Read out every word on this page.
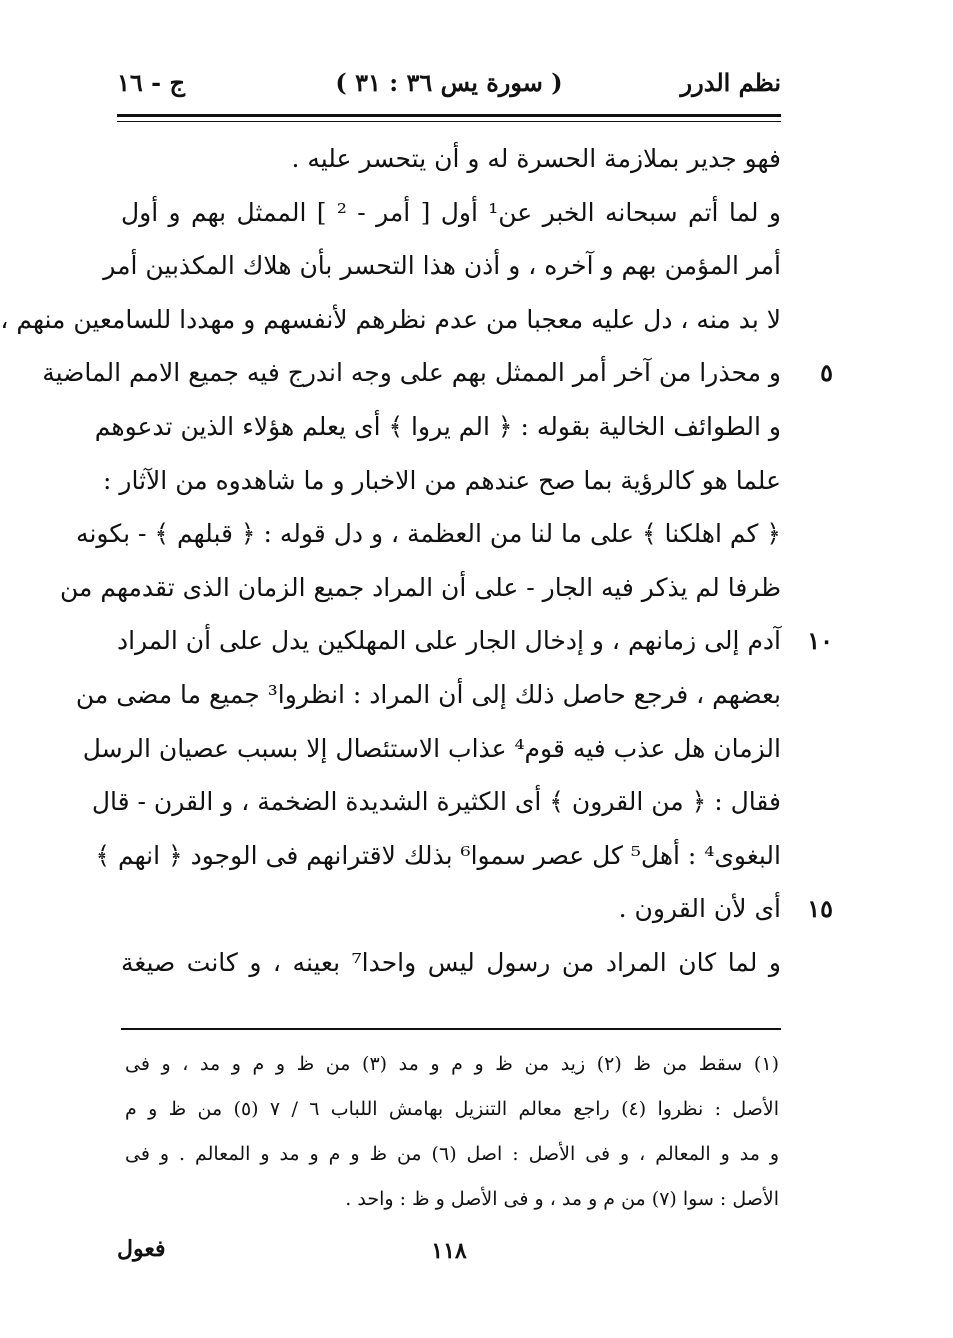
نظم الدرر
( سورة يس ٣٦ : ٣١ )
ج - ١٦
فهو جدير بملازمة الحسرة له و أن يتحسر عليه .
و لما أتم سبحانه الخبر عن¹ أول [ أمر - ² ] الممثل بهم و أول
أمر المؤمن بهم و آخره ، و أذن هذا التحسر بأن هلاك المكذبين أمر
لا بد منه ، دل عليه معجبا من عدم نظرهم لأنفسهم و مهددا للسامعين منهم ،
و محذرا من آخر أمر الممثل بهم على وجه اندرج فيه جميع الامم الماضية	٥
و الطوائف الخالية بقوله : ﴿ الم يروا ﴾ أى يعلم هؤلاء الذين تدعوهم
علما هو كالرؤية بما صح عندهم من الاخبار و ما شاهدوه من الآثار :
﴿ كم اهلكنا ﴾ على ما لنا من العظمة ، و دل قوله : ﴿ قبلهم ﴾ - بكونه
ظرفا لم يذكر فيه الجار - على أن المراد جميع الزمان الذى تقدمهم من
آدم إلى زمانهم ، و إدخال الجار على المهلكين يدل على أن المراد	١٠
بعضهم ، فرجع حاصل ذلك إلى أن المراد : انظروا³ جميع ما مضى من
الزمان هل عذب فيه قوم⁴ عذاب الاستئصال إلا بسبب عصيان الرسل
فقال : ﴿ من القرون ﴾ أى الكثيرة الشديدة الضخمة ، و القرن - قال
البغوى⁴ : أهل⁵ كل عصر سموا⁶ بذلك لاقترانهم فى الوجود ﴿ انهم ﴾
أى لأن القرون .	١٥
و لما كان المراد من رسول ليس واحدا⁷ بعينه ، و كانت صيغة
(١) سقط من ظ (٢) زيد من ظ و م و مد (٣) من ظ و م و مد ، و فى
الأصل : نظروا (٤) راجع معالم التنزيل بهامش اللباب ٦ / ٧ (٥) من ظ و م
و مد و المعالم ، و فى الأصل : اصل (٦) من ظ و م و مد و المعالم . و فى
الأصل : سوا (٧) من م و مد ، و فى الأصل و ظ : واحد .
١١٨
فعول
